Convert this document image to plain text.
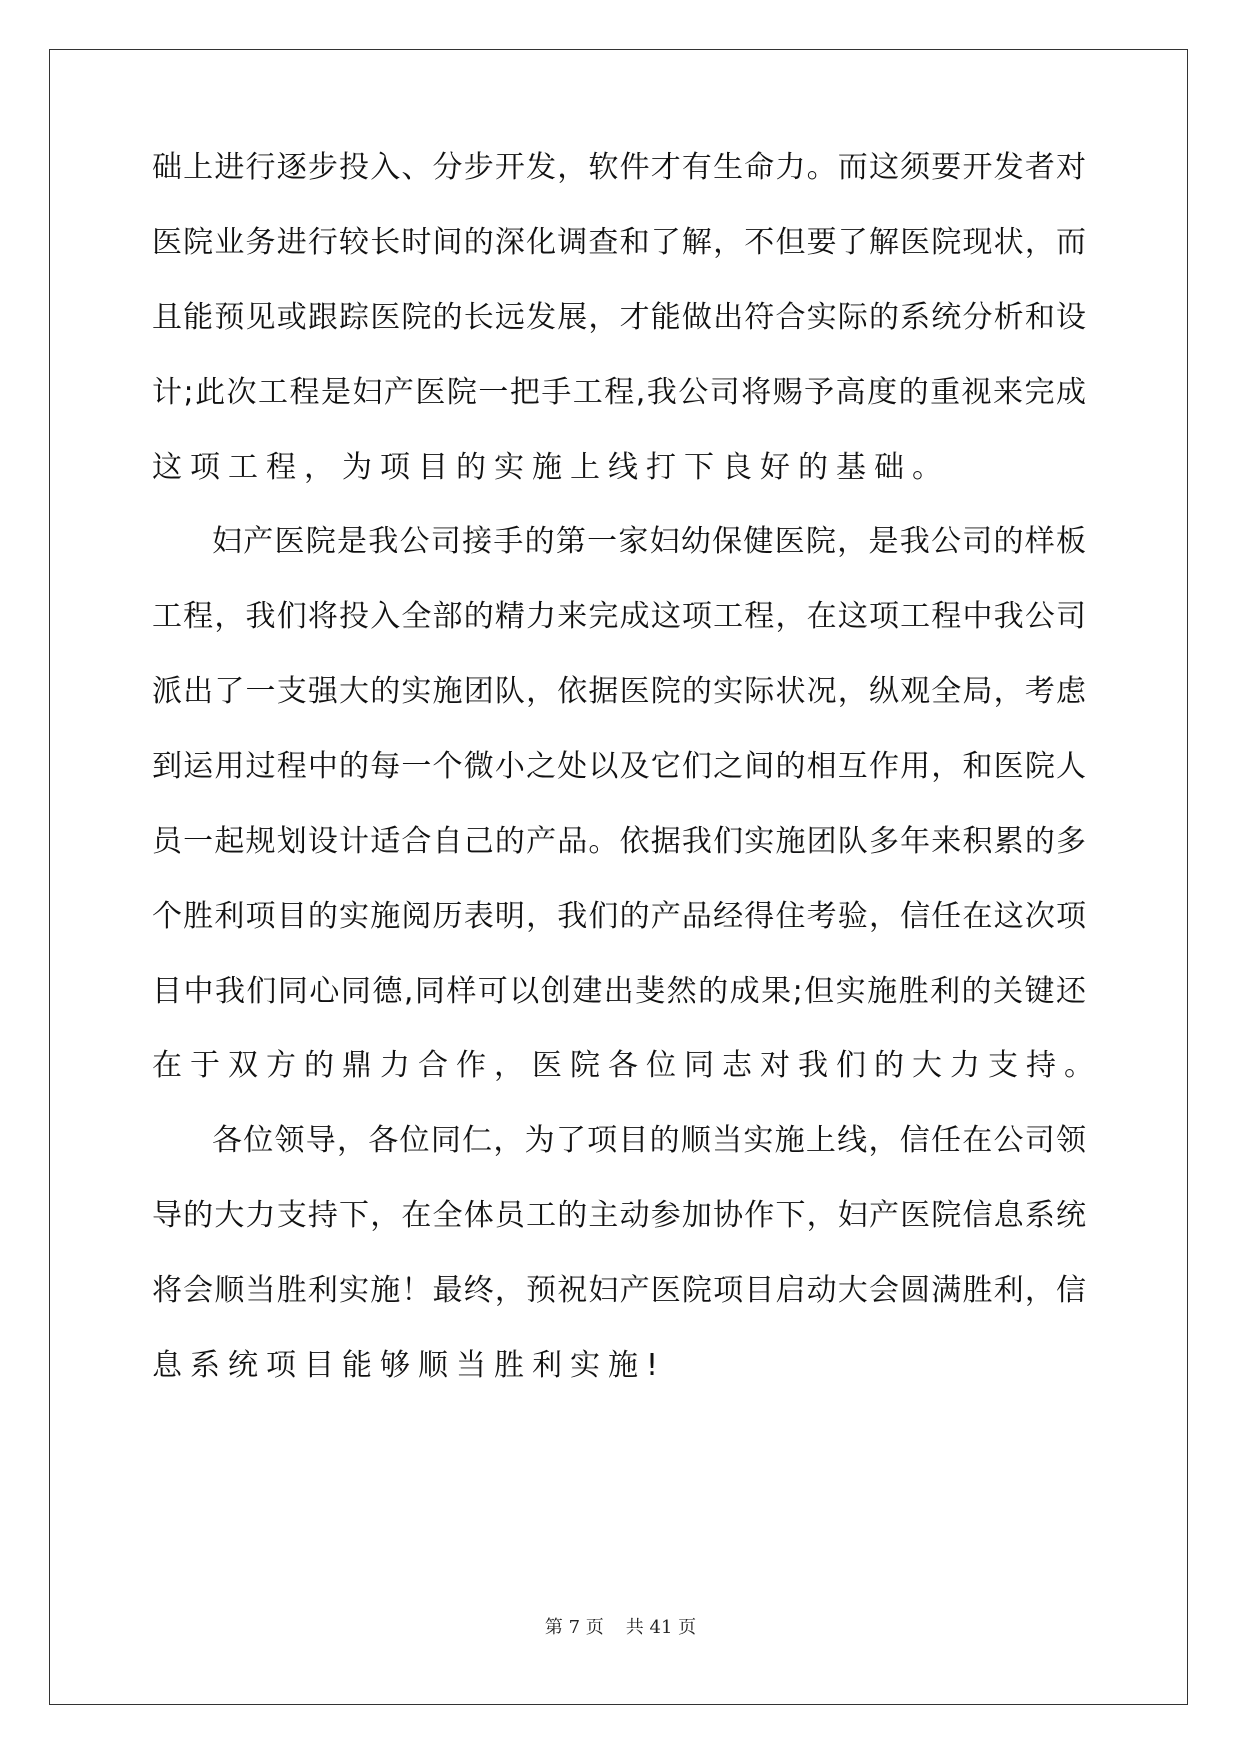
础上进行逐步投入、分步开发，软件才有生命力。而这须要开发者对
医院业务进行较长时间的深化调查和了解，不但要了解医院现状，而
且能预见或跟踪医院的长远发展，才能做出符合实际的系统分析和设
计;此次工程是妇产医院一把手工程,我公司将赐予高度的重视来完成
这项工程，为项目的实施上线打下良好的基础。
妇产医院是我公司接手的第一家妇幼保健医院，是我公司的样板
工程，我们将投入全部的精力来完成这项工程，在这项工程中我公司
派出了一支强大的实施团队，依据医院的实际状况，纵观全局，考虑
到运用过程中的每一个微小之处以及它们之间的相互作用，和医院人
员一起规划设计适合自己的产品。依据我们实施团队多年来积累的多
个胜利项目的实施阅历表明，我们的产品经得住考验，信任在这次项
目中我们同心同德,同样可以创建出斐然的成果;但实施胜利的关键还
在于双方的鼎力合作，医院各位同志对我们的大力支持。
各位领导，各位同仁，为了项目的顺当实施上线，信任在公司领
导的大力支持下，在全体员工的主动参加协作下，妇产医院信息系统
将会顺当胜利实施！最终，预祝妇产医院项目启动大会圆满胜利，信
息系统项目能够顺当胜利实施!
第 7 页 共 41 页
